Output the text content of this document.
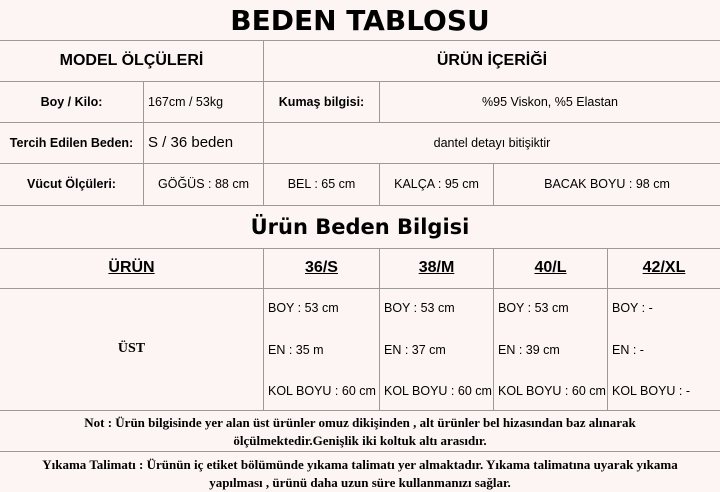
BEDEN TABLOSU
MODEL ÖLÇÜLERİ	ÜRÜN İÇERİĞİ
Boy / Kilo:	167cm / 53kg	Kumaş bilgisi:	%95 Viskon, %5 Elastan
Tercih Edilen Beden: S / 36 beden	dantel detayı bitişiktir
Vücut Ölçüleri:	GÖĞÜS : 88 cm	BEL : 65 cm	KALÇA : 95 cm	BACAK BOYU : 98 cm
Ürün Beden Bilgisi
ÜRÜN	36/S	38/M	40/L	42/XL
ÜST
BOY : 53 cm	BOY : 53 cm	BOY : 53 cm	BOY : -
EN : 35 m	EN : 37 cm	EN : 39 cm	EN : -
KOL BOYU : 60 cm KOL BOYU : 60 cm KOL BOYU : 60 cm KOL BOYU : -
Not : Ürün bilgisinde yer alan üst ürünler omuz dikişinden , alt ürünler bel hizasından baz alınarak
ölçülmektedir.Genişlik iki koltuk altı arasıdır.
Yıkama Talimatı : Ürünün iç etiket bölümünde yıkama talimatı yer almaktadır. Yıkama talimatına uyarak yıkama
yapılması , ürünü daha uzun süre kullanmanızı sağlar.
